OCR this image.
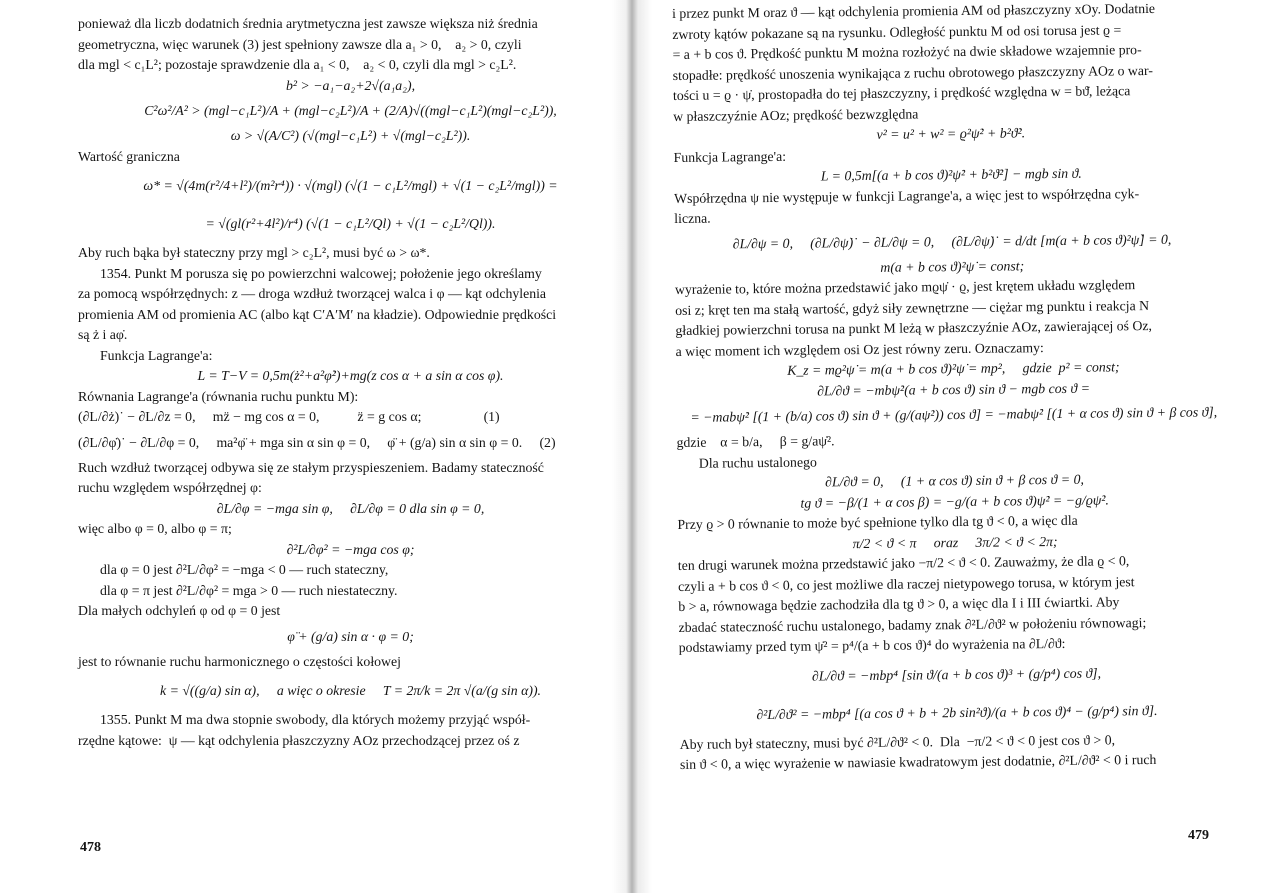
ponieważ dla liczb dodatnich średnia arytmetyczna jest zawsze większa niż średnia

geometryczna, więc warunek (3) jest spełniony zawsze dla a₁ > 0,    a₂ > 0, czyli

dla mgl < c₁L²; pozostaje sprawdzenie dla a₁ < 0,    a₂ < 0, czyli dla mgl > c₂L².

b² > −a₁−a₂+2√(a₁a₂),

C²ω²/A² > (mgl−c₁L²)/A + (mgl−c₂L²)/A + (2/A)√((mgl−c₁L²)(mgl−c₂L²)),

ω > √(A/C²) (√(mgl−c₁L²) + √(mgl−c₂L²)).

Wartość graniczna

ω* = √(4m(r²/4+l²)/(m²r⁴)) · √(mgl) (√(1 − c₁L²/mgl) + √(1 − c₂L²/mgl)) =

= √(gl(r²+4l²)/r⁴) (√(1 − c₁L²/Ql) + √(1 − c₂L²/Ql)).

Aby ruch bąka był stateczny przy mgl > c₂L², musi być ω > ω*.

1354. Punkt M porusza się po powierzchni walcowej; położenie jego określamy

za pomocą współrzędnych: z — droga wzdłuż tworzącej walca i φ — kąt odchylenia

promienia AM od promienia AC (albo kąt C′A′M′ na kładzie). Odpowiednie prędkości

są ż i aφ̇.

Funkcja Lagrange'a:

L = T−V = 0,5m(ż²+a²φ̇²)+mg(z cos α + a sin α cos φ).

Równania Lagrange'a (równania ruchu punktu M):

(∂L/∂ż)˙ − ∂L/∂z = 0,     mz̈ − mg cos α = 0,           z̈ = g cos α;                  (1)

(∂L/∂φ̇)˙ − ∂L/∂φ = 0,     ma²φ̈ + mga sin α sin φ = 0,     φ̈ + (g/a) sin α sin φ = 0.     (2)

Ruch wzdłuż tworzącej odbywa się ze stałym przyspieszeniem. Badamy stateczność

ruchu względem współrzędnej φ:

∂L/∂φ = −mga sin φ,     ∂L/∂φ = 0 dla sin φ = 0,

więc albo φ = 0, albo φ = π;

∂²L/∂φ² = −mga cos φ;

dla φ = 0 jest ∂²L/∂φ² = −mga < 0 — ruch stateczny,

dla φ = π jest ∂²L/∂φ² = mga > 0 — ruch niestateczny.

Dla małych odchyleń φ od φ = 0 jest

φ̈ + (g/a) sin α · φ = 0;

jest to równanie ruchu harmonicznego o częstości kołowej

k = √((g/a) sin α),     a więc o okresie     T = 2π/k = 2π √(a/(g sin α)).

1355. Punkt M ma dwa stopnie swobody, dla których możemy przyjąć współ-

rzędne kątowe:  ψ — kąt odchylenia płaszczyzny AOz przechodzącej przez oś z

478

i przez punkt M oraz ϑ — kąt odchylenia promienia AM od płaszczyzny xOy. Dodatnie

zwroty kątów pokazane są na rysunku. Odległość punktu M od osi torusa jest ϱ =

= a + b cos ϑ. Prędkość punktu M można rozłożyć na dwie składowe wzajemnie pro-

stopadłe: prędkość unoszenia wynikająca z ruchu obrotowego płaszczyzny AOz o war-

tości u = ϱ · ψ̇, prostopadła do tej płaszczyzny, i prędkość względna w = bϑ̇, leżąca

w płaszczyźnie AOz; prędkość bezwzględna

v² = u² + w² = ϱ²ψ̇² + b²ϑ̇².

Funkcja Lagrange'a:

L = 0,5m[(a + b cos ϑ)²ψ̇² + b²ϑ̇²] − mgb sin ϑ.

Współrzędna ψ nie występuje w funkcji Lagrange'a, a więc jest to współrzędna cyk-

liczna.

∂L/∂ψ = 0,     (∂L/∂ψ̇)˙ − ∂L/∂ψ = 0,     (∂L/∂ψ̇)˙ = d/dt [m(a + b cos ϑ)²ψ̇] = 0,

m(a + b cos ϑ)²ψ̇ = const;

wyrażenie to, które można przedstawić jako mϱψ̇ · ϱ, jest krętem układu względem

osi z; kręt ten ma stałą wartość, gdyż siły zewnętrzne — ciężar mg punktu i reakcja N

gładkiej powierzchni torusa na punkt M leżą w płaszczyźnie AOz, zawierającej oś Oz,

a więc moment ich względem osi Oz jest równy zeru. Oznaczamy:

K_z = mϱ²ψ̇ = m(a + b cos ϑ)²ψ̇ = mp²,     gdzie  p² = const;

∂L/∂ϑ = −mbψ̇²(a + b cos ϑ) sin ϑ − mgb cos ϑ =

= −mabψ̇² [(1 + (b/a) cos ϑ) sin ϑ + (g/(aψ̇²)) cos ϑ] = −mabψ̇² [(1 + α cos ϑ) sin ϑ + β cos ϑ],

gdzie    α = b/a,     β = g/aψ̇².

Dla ruchu ustalonego

∂L/∂ϑ = 0,     (1 + α cos ϑ) sin ϑ + β cos ϑ = 0,

tg ϑ = −β/(1 + α cos β) = −g/(a + b cos ϑ)ψ̇² = −g/ϱψ̇².

Przy ϱ > 0 równanie to może być spełnione tylko dla tg ϑ < 0, a więc dla

π/2 < ϑ < π     oraz     3π/2 < ϑ < 2π;

ten drugi warunek można przedstawić jako −π/2 < ϑ < 0. Zauważmy, że dla ϱ < 0,

czyli a + b cos ϑ < 0, co jest możliwe dla raczej nietypowego torusa, w którym jest

b > a, równowaga będzie zachodziła dla tg ϑ > 0, a więc dla I i III ćwiartki. Aby

zbadać stateczność ruchu ustalonego, badamy znak ∂²L/∂ϑ² w położeniu równowagi;

podstawiamy przed tym ψ̇² = p⁴/(a + b cos ϑ)⁴ do wyrażenia na ∂L/∂ϑ:

∂L/∂ϑ = −mbp⁴ [sin ϑ/(a + b cos ϑ)³ + (g/p⁴) cos ϑ],

∂²L/∂ϑ² = −mbp⁴ [(a cos ϑ + b + 2b sin²ϑ)/(a + b cos ϑ)⁴ − (g/p⁴) sin ϑ].

Aby ruch był stateczny, musi być ∂²L/∂ϑ² < 0.  Dla  −π/2 < ϑ < 0 jest cos ϑ > 0,

sin ϑ < 0, a więc wyrażenie w nawiasie kwadratowym jest dodatnie, ∂²L/∂ϑ² < 0 i ruch

479
